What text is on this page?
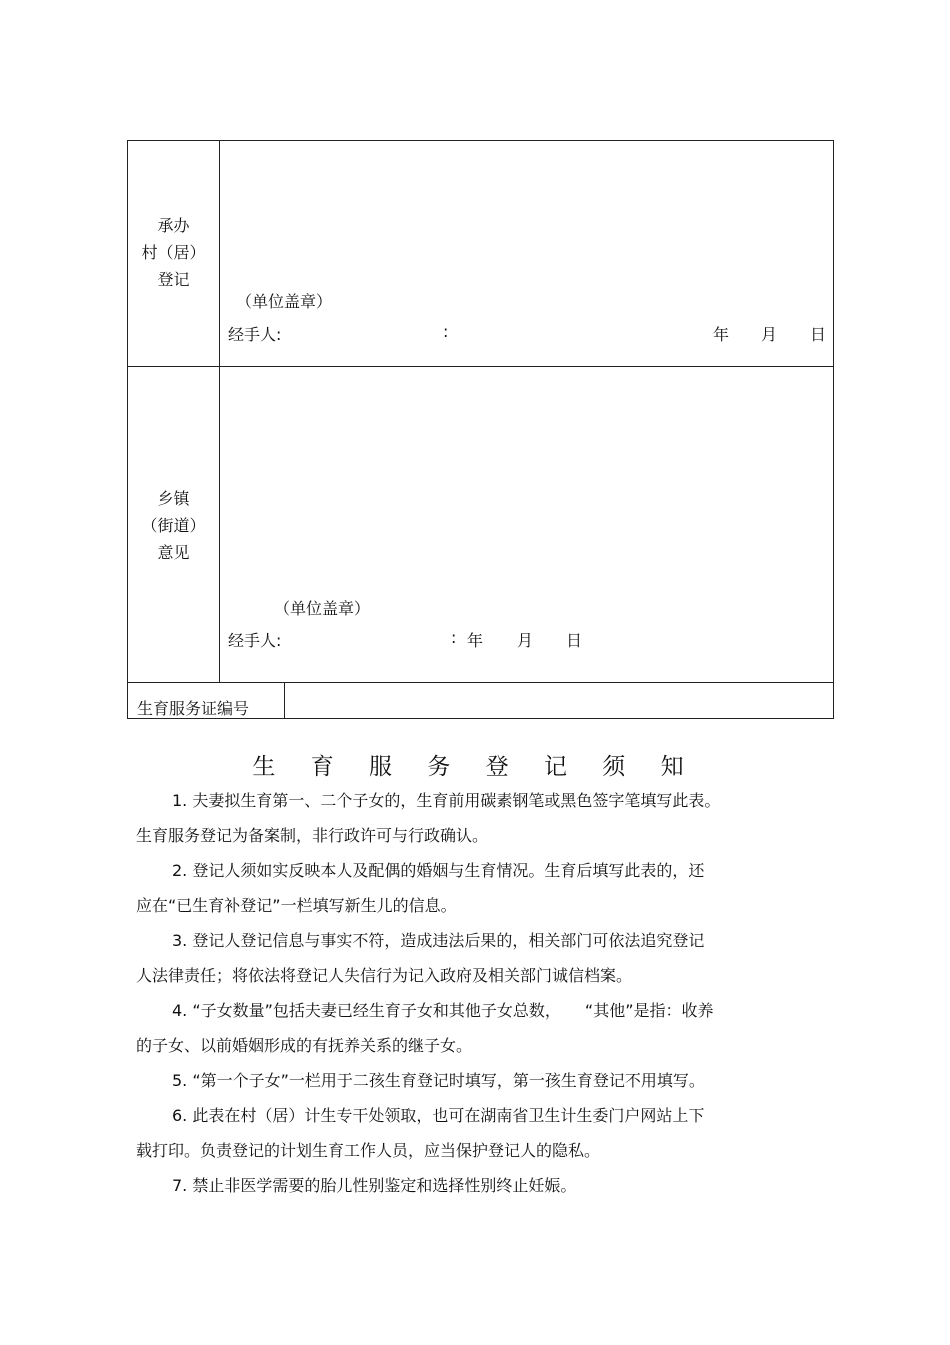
承办
村（居）
登记
（单位盖章）
经手人:	:	年 月 日
乡镇
（街道）
意见
（单位盖章）
经手人:	: 年 月 日
生育服务证编号
生 育 服 务 登 记 须 知

1. 夫妻拟生育第一、二个子女的，生育前用碳素钢笔或黑色签字笔填写此表。

生育服务登记为备案制，非行政许可与行政确认。

2. 登记人须如实反映本人及配偶的婚姻与生育情况。生育后填写此表的，还

应在“已生育补登记”一栏填写新生儿的信息。

3. 登记人登记信息与事实不符，造成违法后果的，相关部门可依法追究登记

人法律责任；将依法将登记人失信行为记入政府及相关部门诚信档案。

4. “子女数量”包括夫妻已经生育子女和其他子女总数，　　“其他”是指：收养

的子女、以前婚姻形成的有抚养关系的继子女。

5. “第一个子女”一栏用于二孩生育登记时填写，第一孩生育登记不用填写。

6. 此表在村（居）计生专干处领取，也可在湖南省卫生计生委门户网站上下

载打印。负责登记的计划生育工作人员，应当保护登记人的隐私。

7. 禁止非医学需要的胎儿性别鉴定和选择性别终止妊娠。
